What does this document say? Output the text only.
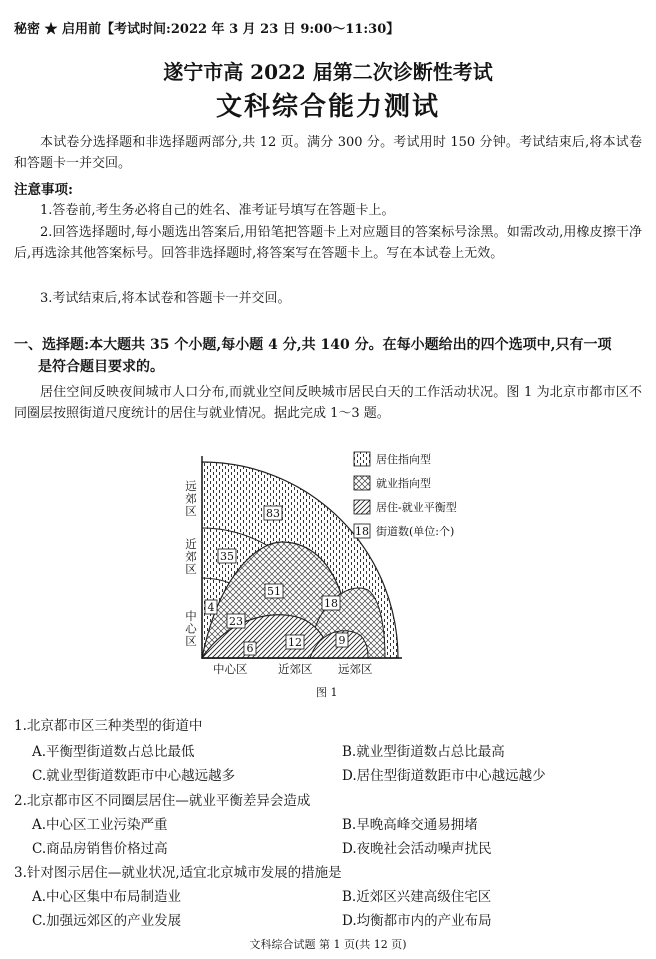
秘密 ★ 启用前【考试时间:2022 年 3 月 23 日 9:00～11:30】
遂宁市高 2022 届第二次诊断性考试
文科综合能力测试
本试卷分选择题和非选择题两部分,共 12 页。满分 300 分。考试用时 150 分钟。考试结束后,将本试卷和答题卡一并交回。
注意事项:
1.答卷前,考生务必将自己的姓名、准考证号填写在答题卡上。
2.回答选择题时,每小题选出答案后,用铅笔把答题卡上对应题目的答案标号涂黑。如需改动,用橡皮擦干净后,再选涂其他答案标号。回答非选择题时,将答案写在答题卡上。写在本试卷上无效。
3.考试结束后,将本试卷和答题卡一并交回。
一、选择题:本大题共 35 个小题,每小题 4 分,共 140 分。在每小题给出的四个选项中,只有一项
是符合题目要求的。
居住空间反映夜间城市人口分布,而就业空间反映城市居民白天的工作活动状况。图 1 为北京市都市区不同圈层按照街道尺度统计的居住与就业情况。据此完成 1～3 题。
83
35
4
51
23
6	12	9
18
居住指向型
就业指向型
居住-就业平衡型
18 街道数(单位:个)
远郊区
近郊区
中心区
中心区	近郊区 远郊区
图 1
1.北京都市区三种类型的街道中
A.平衡型街道数占总比最低	B.就业型街道数占总比最高
C.就业型街道数距市中心越远越多	D.居住型街道数距市中心越远越少
2.北京都市区不同圈层居住—就业平衡差异会造成
A.中心区工业污染严重	B.早晚高峰交通易拥堵
C.商品房销售价格过高	D.夜晚社会活动噪声扰民
3.针对图示居住—就业状况,适宜北京城市发展的措施是
A.中心区集中布局制造业	B.近郊区兴建高级住宅区
C.加强远郊区的产业发展	D.均衡都市内的产业布局
文科综合试题 第 1 页(共 12 页)
